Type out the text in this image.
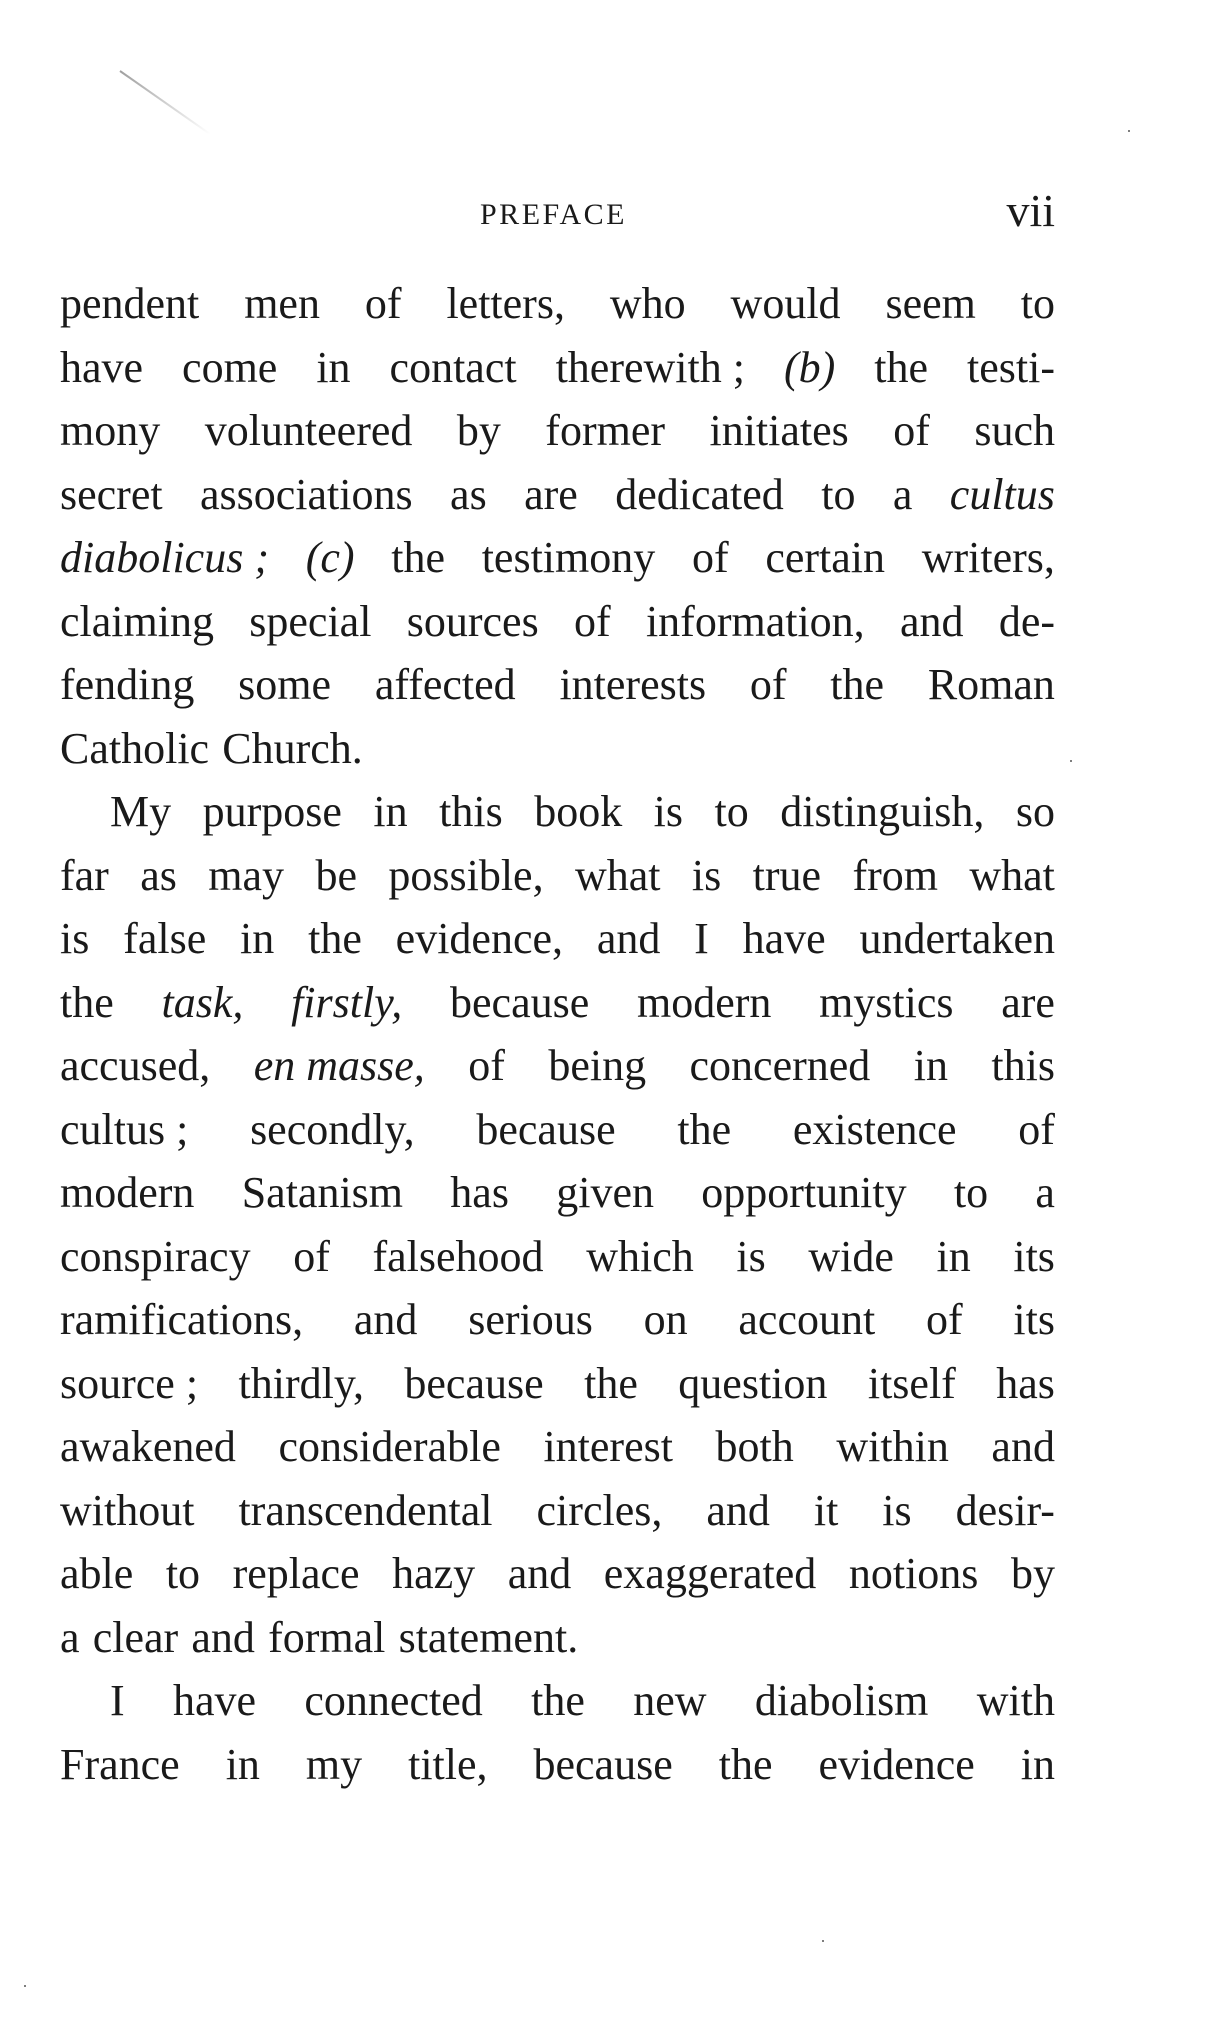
PREFACE	vii
pendent men of letters, who would seem to
have come in contact therewith ; (b) the testi-
mony volunteered by former initiates of such
secret associations as are dedicated to a cultus
diabolicus ; (c) the testimony of certain writers,
claiming special sources of information, and de-
fending some affected interests of the Roman
Catholic Church.
My purpose in this book is to distinguish, so
far as may be possible, what is true from what
is false in the evidence, and I have undertaken
the task, firstly, because modern mystics are
accused, en masse, of being concerned in this
cultus ; secondly, because the existence of
modern Satanism has given opportunity to a
conspiracy of falsehood which is wide in its
ramifications, and serious on account of its
source ; thirdly, because the question itself has
awakened considerable interest both within and
without transcendental circles, and it is desir-
able to replace hazy and exaggerated notions by
a clear and formal statement.
I have connected the new diabolism with
France in my title, because the evidence in
